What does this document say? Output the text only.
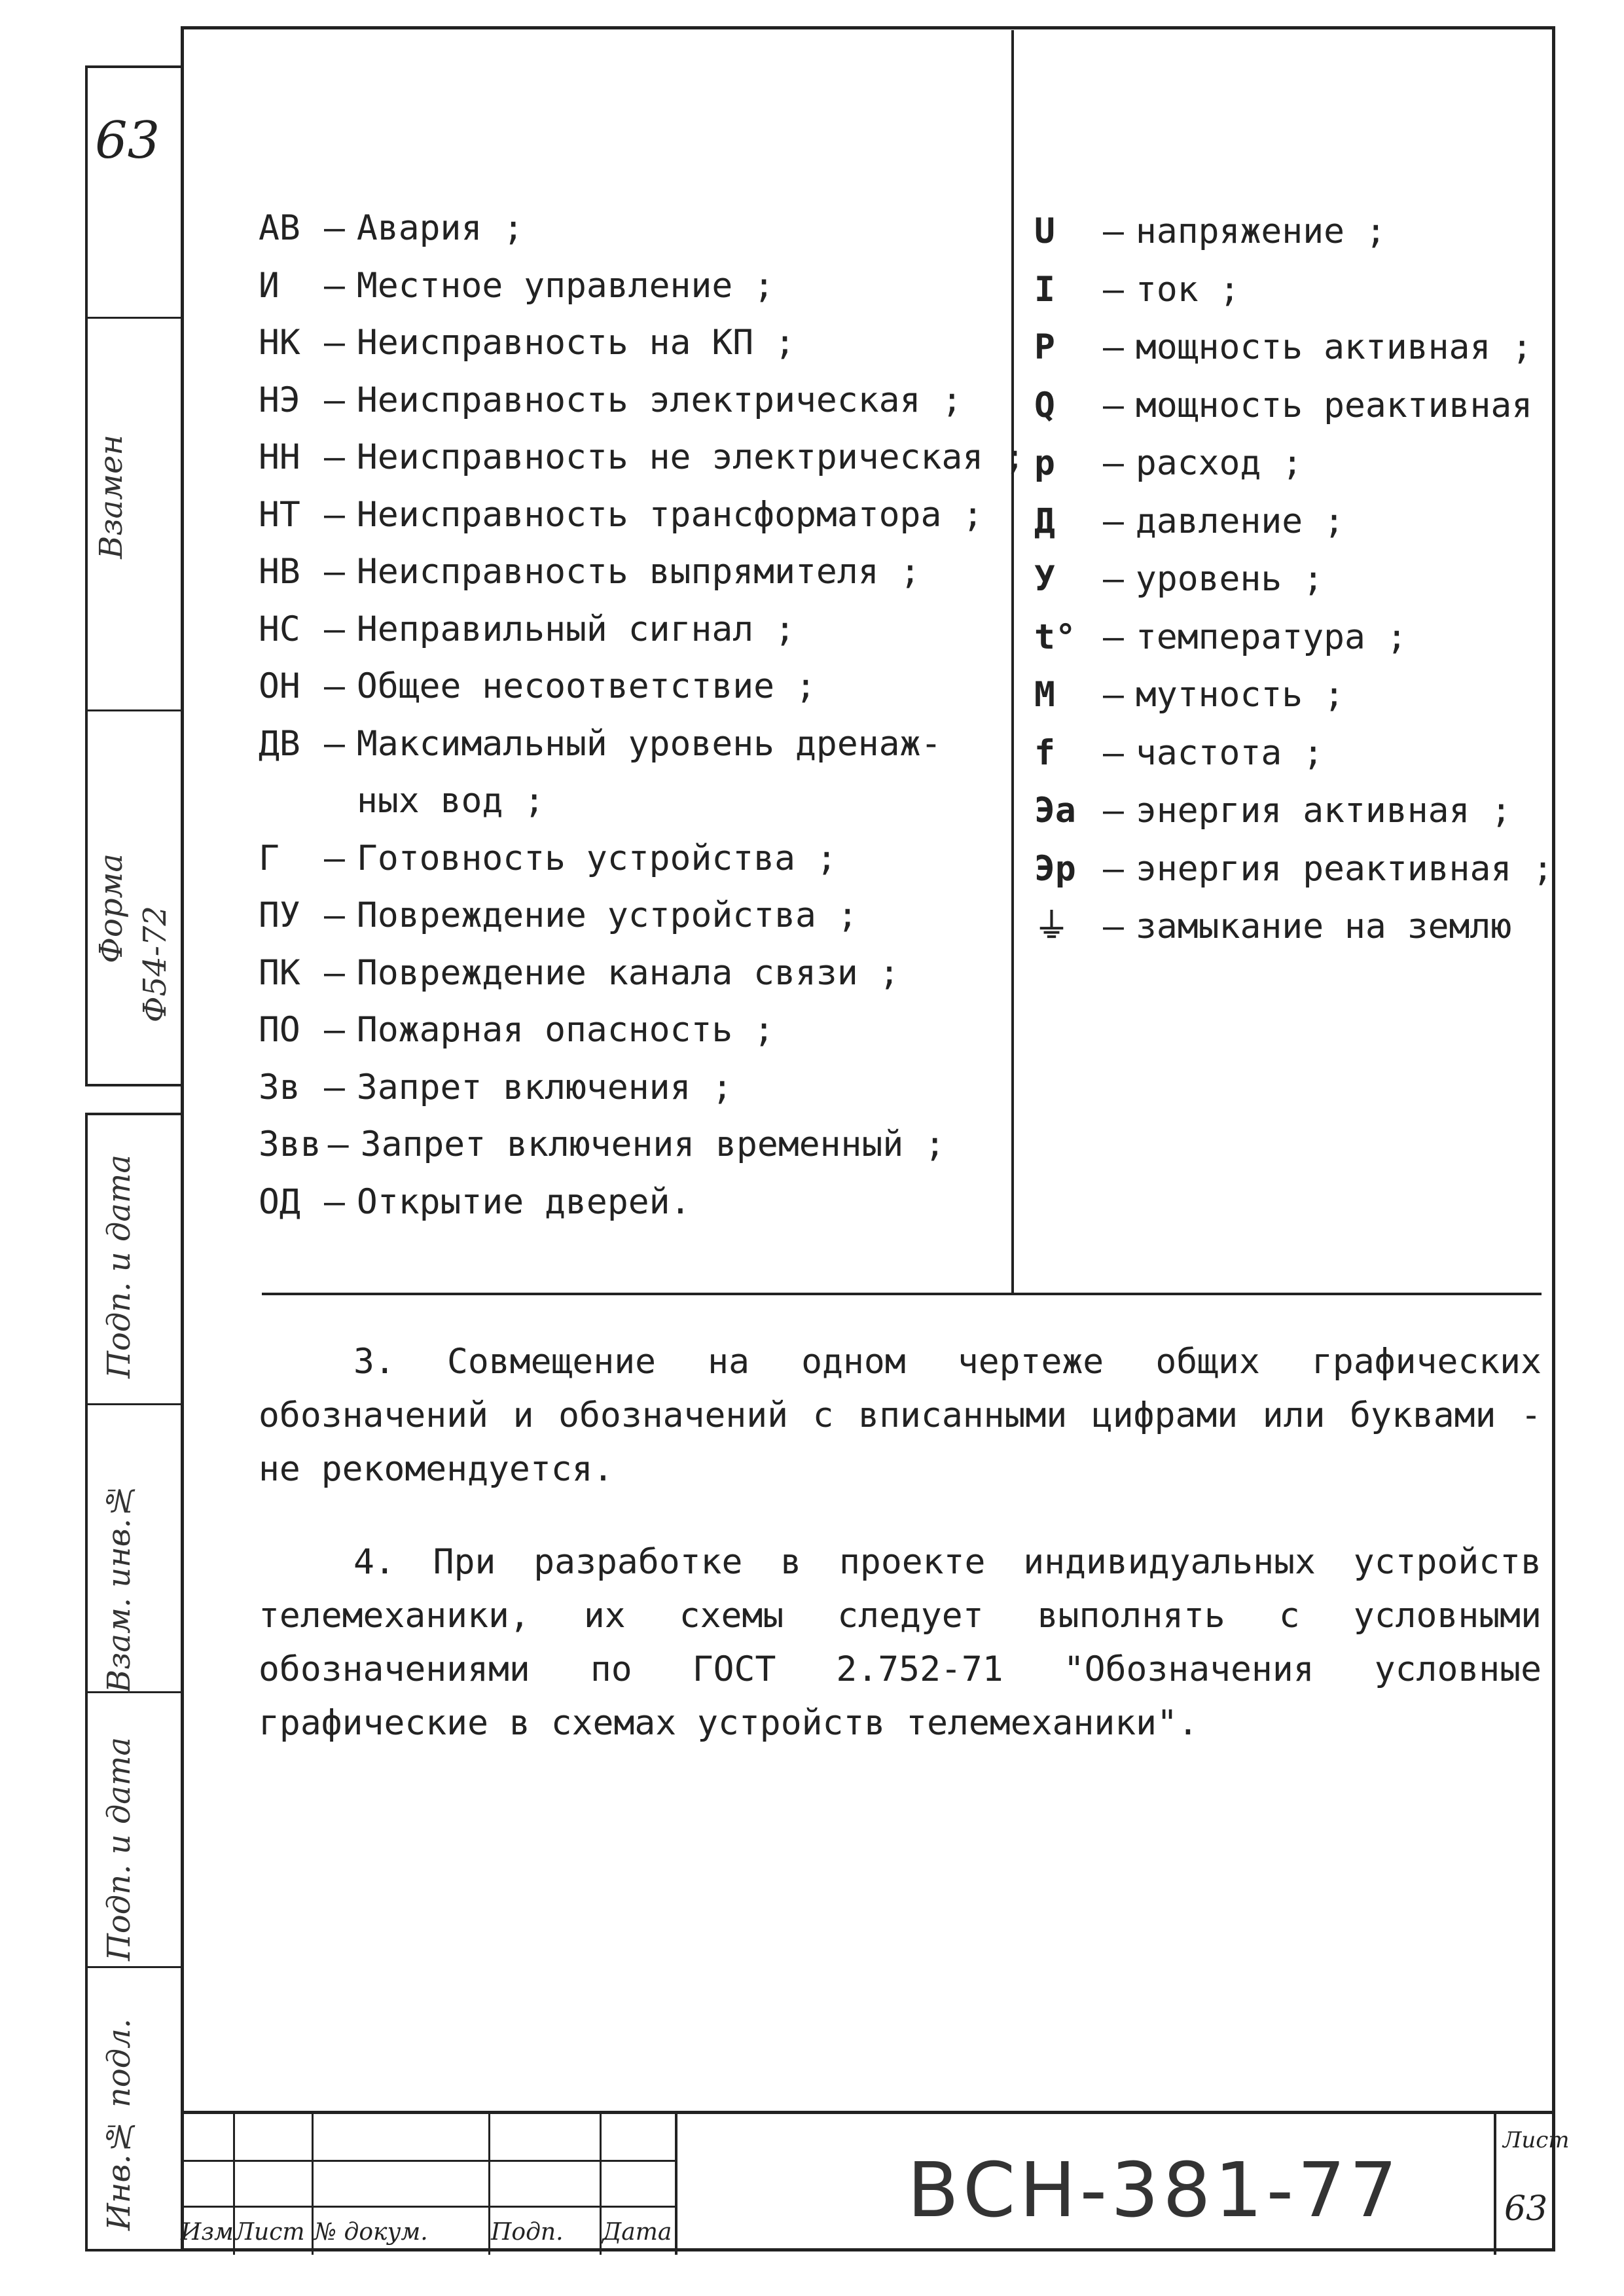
63
Взамен
Форма Ф54-72
Подп. и дата
Взам. инв.№
Подп. и дата
Инв.№ подл.
АВ – Авария ;
И	– Местное управление ;
НК – Неисправность на КП ;
НЭ – Неисправность электрическая ;
НН – Неисправность не электрическая ;
НТ – Неисправность трансформатора ;
НВ – Неисправность выпрямителя ;
НС – Неправильный сигнал ;
ОН – Общее несоответствие ;
ДВ – Максимальный уровень дренаж-
ных вод ;
Г	– Готовность устройства ;
ПУ – Повреждение устройства ;
ПК – Повреждение канала связи ;
ПО – Пожарная опасность ;
Зв – Запрет включения ;
Звв – Запрет включения временный ;
ОД – Открытие дверей.
U	– напряжение ;
I	– ток ;
P	– мощность активная ;
Q	– мощность реактивная
p	– расход ;
Д	– давление ;
У	– уровень ;
t° – температура ;
М	– мутность ;
f	– частота ;
Эа – энергия активная ;
Эр – энергия реактивная ;
⏚ – замыкание на землю

3. Совмещение на одном чертеже общих графических обозначений и обозначений с вписанными цифрами или буквами - не рекомендуется.

4. При разработке в проекте индивидуальных устройств телемеханики, их схемы следует выполнять с условными обозначениями по ГОСТ 2.752-71 "Обозначения условные графические в схемах устройств телемеханики".

ИзмЛист № докум.	Подп. Дата	ВСН-381-77
Лист
63
